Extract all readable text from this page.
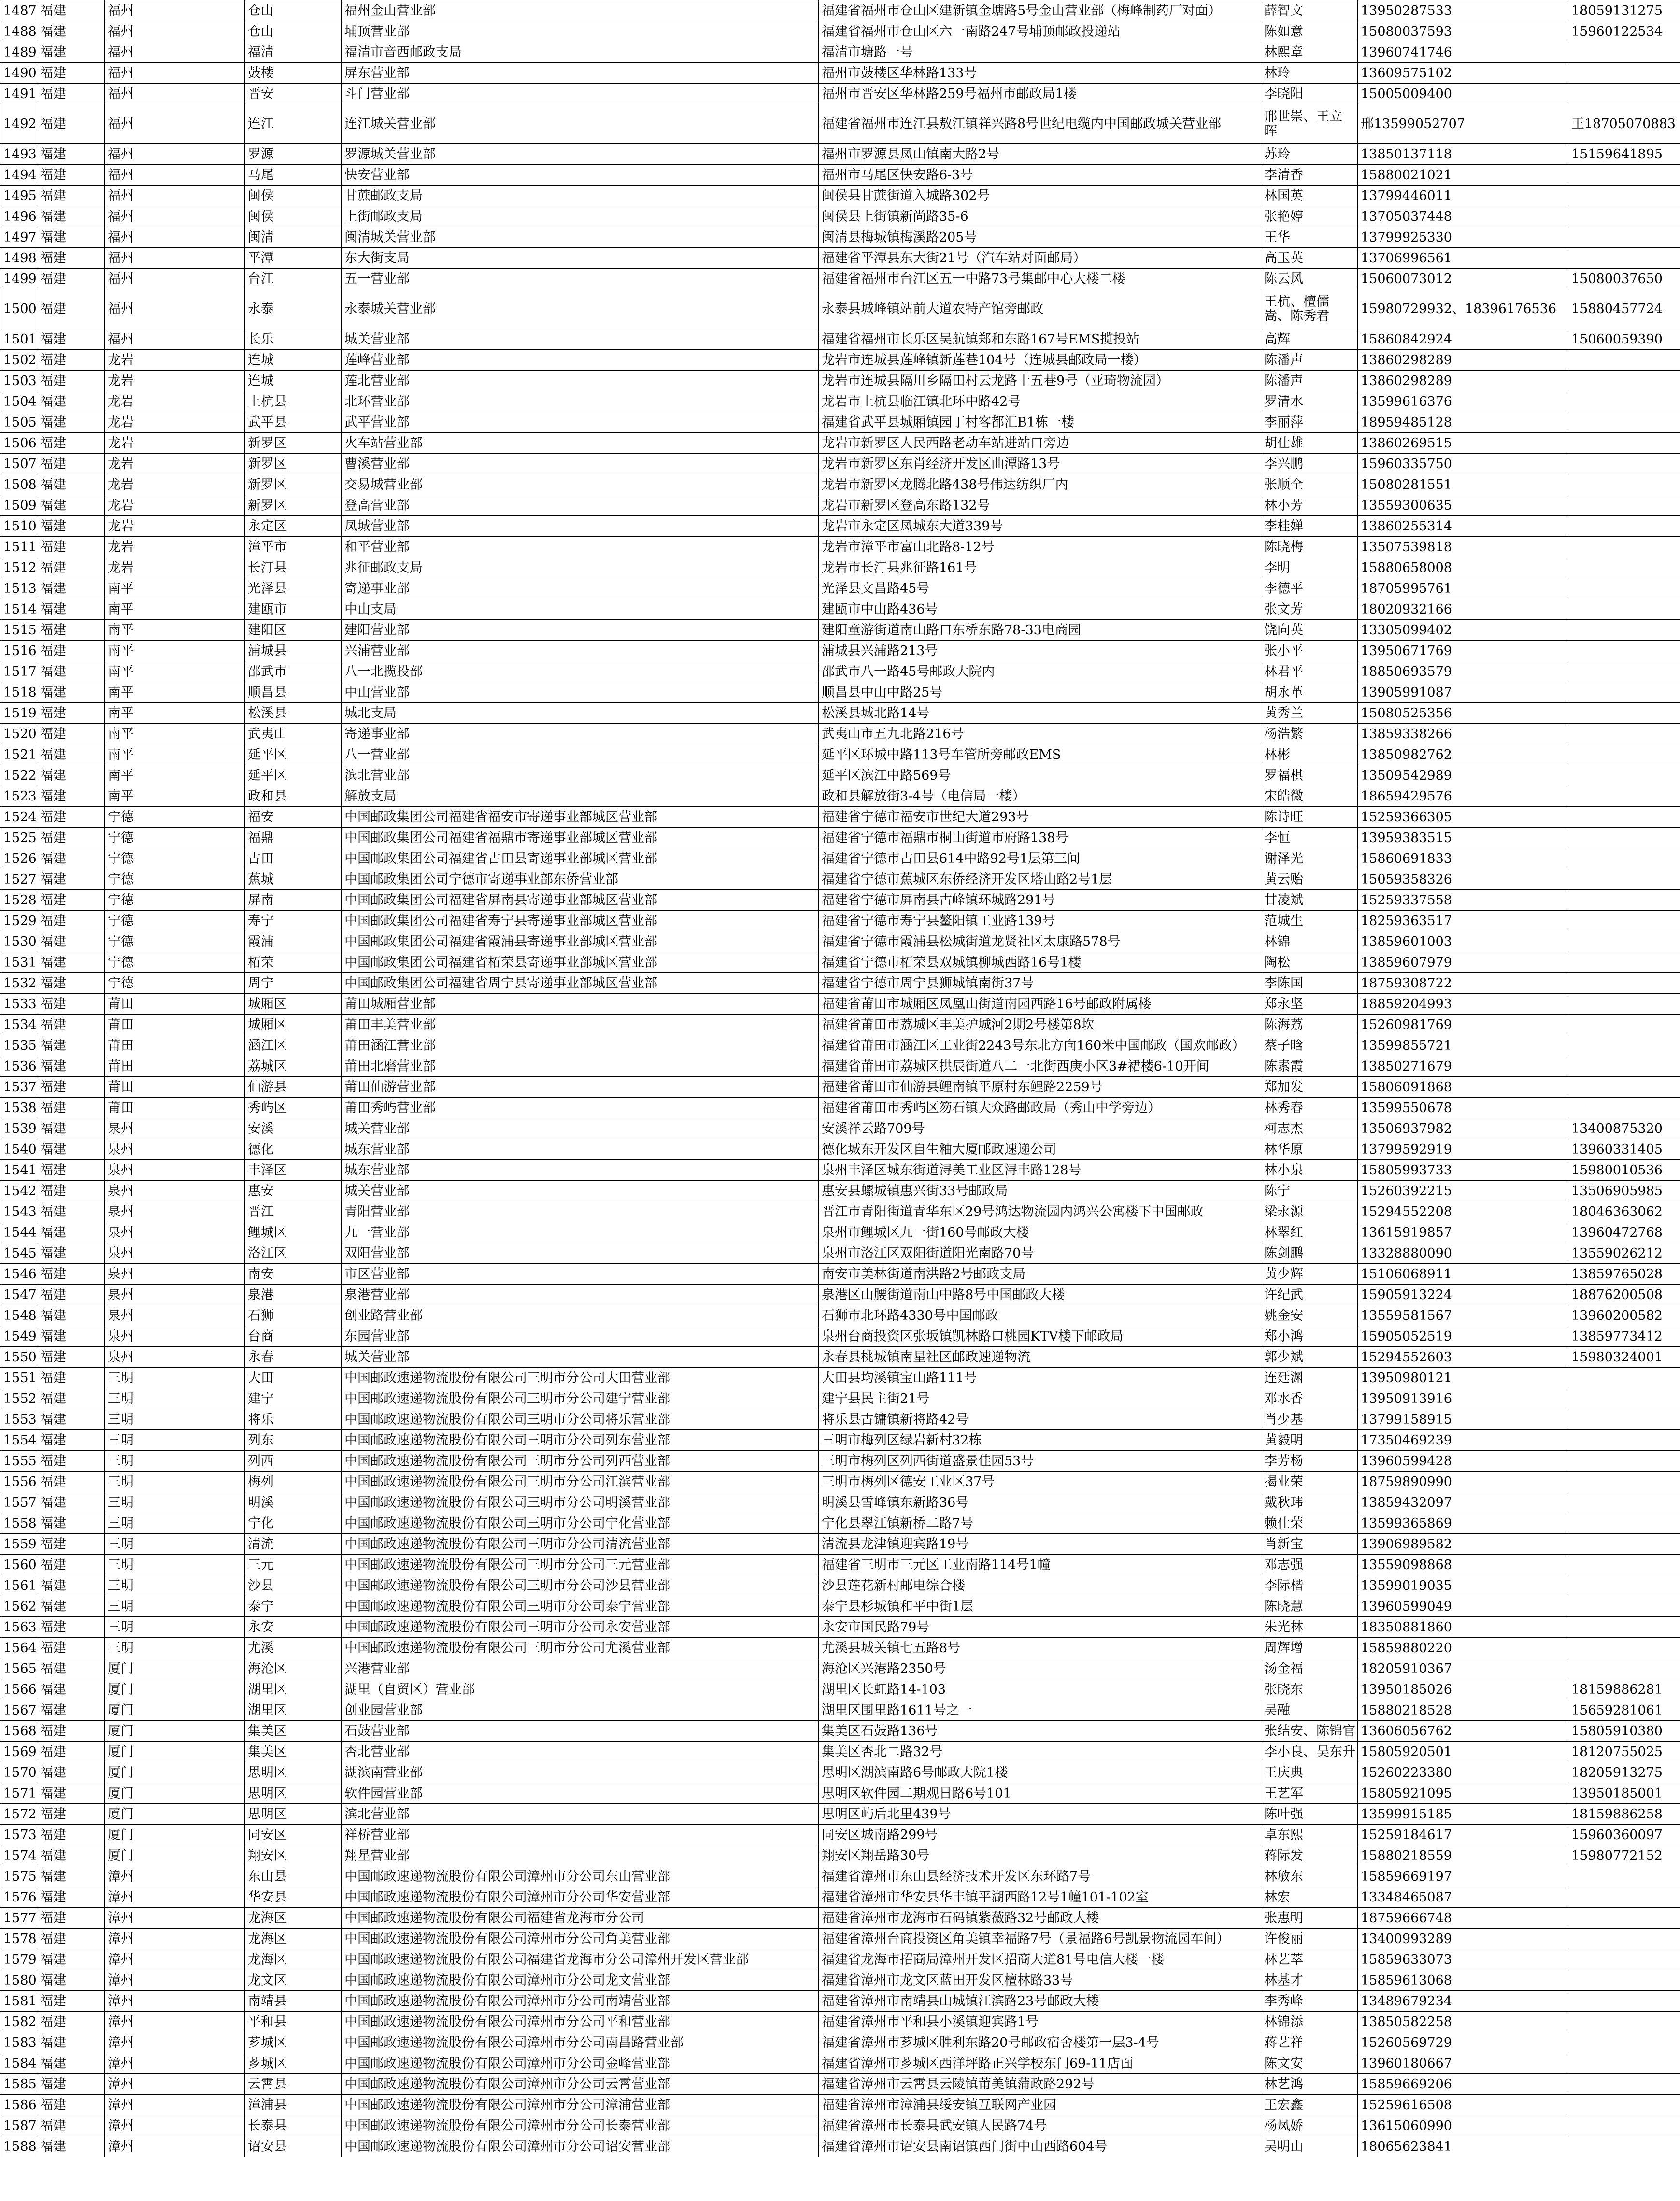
1487	福建	福州	仓山	福州金山营业部	福建省福州市仓山区建新镇金塘路5号金山营业部（梅峰制药厂对面）	薛智文	13950287533	18059131275
1488	福建	福州	仓山	埔顶营业部	福建省福州市仓山区六一南路247号埔顶邮政投递站	陈如意	15080037593	15960122534
1489	福建	福州	福清	福清市音西邮政支局	福清市塘路一号	林熙章	13960741746	
1490	福建	福州	鼓楼	屏东营业部	福州市鼓楼区华林路133号	林玲	13609575102	
1491	福建	福州	晋安	斗门营业部	福州市晋安区华林路259号福州市邮政局1楼	李晓阳	15005009400	
1492	福建	福州	连江	连江城关营业部	福建省福州市连江县敖江镇祥兴路8号世纪电缆内中国邮政城关营业部	邢世崇、王立晖	邢13599052707	王18705070883
1493	福建	福州	罗源	罗源城关营业部	福州市罗源县凤山镇南大路2号	苏玲	13850137118	15159641895
1494	福建	福州	马尾	快安营业部	福州市马尾区快安路6-3号	李清香	15880021021	
1495	福建	福州	闽侯	甘蔗邮政支局	闽侯县甘蔗街道入城路302号	林国英	13799446011	
1496	福建	福州	闽侯	上街邮政支局	闽侯县上街镇新尚路35-6	张艳婷	13705037448	
1497	福建	福州	闽清	闽清城关营业部	闽清县梅城镇梅溪路205号	王华	13799925330	
1498	福建	福州	平潭	东大街支局	福建省平潭县东大街21号（汽车站对面邮局）	高玉英	13706996561	
1499	福建	福州	台江	五一营业部	福建省福州市台江区五一中路73号集邮中心大楼二楼	陈云风	15060073012	15080037650
1500	福建	福州	永泰	永泰城关营业部	永泰县城峰镇站前大道农特产馆旁邮政	王杭、檀儒嵩、陈秀君	15980729932、18396176536	15880457724
1501	福建	福州	长乐	城关营业部	福建省福州市长乐区吴航镇郑和东路167号EMS揽投站	高辉	15860842924	15060059390
1502	福建	龙岩	连城	莲峰营业部	龙岩市连城县莲峰镇新莲巷104号（连城县邮政局一楼）	陈潘声	13860298289	
1503	福建	龙岩	连城	莲北营业部	龙岩市连城县隔川乡隔田村云龙路十五巷9号（亚琦物流园）	陈潘声	13860298289	
1504	福建	龙岩	上杭县	北环营业部	龙岩市上杭县临江镇北环中路42号	罗清水	13599616376	
1505	福建	龙岩	武平县	武平营业部	福建省武平县城厢镇园丁村客都汇B1栋一楼	李丽萍	18959485128	
1506	福建	龙岩	新罗区	火车站营业部	龙岩市新罗区人民西路老动车站进站口旁边	胡仕雄	13860269515	
1507	福建	龙岩	新罗区	曹溪营业部	龙岩市新罗区东肖经济开发区曲潭路13号	李兴鹏	15960335750	
1508	福建	龙岩	新罗区	交易城营业部	龙岩市新罗区龙腾北路438号伟达纺织厂内	张顺全	15080281551	
1509	福建	龙岩	新罗区	登高营业部	龙岩市新罗区登高东路132号	林小芳	13559300635	
1510	福建	龙岩	永定区	凤城营业部	龙岩市永定区凤城东大道339号	李桂婵	13860255314	
1511	福建	龙岩	漳平市	和平营业部	龙岩市漳平市富山北路8-12号	陈晓梅	13507539818	
1512	福建	龙岩	长汀县	兆征邮政支局	龙岩市长汀县兆征路161号	李明	15880658008	
1513	福建	南平	光泽县	寄递事业部	光泽县文昌路45号	李德平	18705995761	
1514	福建	南平	建瓯市	中山支局	建瓯市中山路436号	张文芳	18020932166	
1515	福建	南平	建阳区	建阳营业部	建阳童游街道南山路口东桥东路78-33电商园	饶向英	13305099402	
1516	福建	南平	浦城县	兴浦营业部	浦城县兴浦路213号	张小平	13950671769	
1517	福建	南平	邵武市	八一北揽投部	邵武市八一路45号邮政大院内	林君平	18850693579	
1518	福建	南平	顺昌县	中山营业部	顺昌县中山中路25号	胡永革	13905991087	
1519	福建	南平	松溪县	城北支局	松溪县城北路14号	黄秀兰	15080525356	
1520	福建	南平	武夷山	寄递事业部	武夷山市五九北路216号	杨浩繁	13859338266	
1521	福建	南平	延平区	八一营业部	延平区环城中路113号车管所旁邮政EMS	林彬	13850982762	
1522	福建	南平	延平区	滨北营业部	延平区滨江中路569号	罗福棋	13509542989	
1523	福建	南平	政和县	解放支局	政和县解放街3-4号（电信局一楼）	宋皓微	18659429576	
1524	福建	宁德	福安	中国邮政集团公司福建省福安市寄递事业部城区营业部	福建省宁德市福安市世纪大道293号	陈诗旺	15259366305	
1525	福建	宁德	福鼎	中国邮政集团公司福建省福鼎市寄递事业部城区营业部	福建省宁德市福鼎市桐山街道市府路138号	李恒	13959383515	
1526	福建	宁德	古田	中国邮政集团公司福建省古田县寄递事业部城区营业部	福建省宁德市古田县614中路92号1层第三间	谢泽光	15860691833	
1527	福建	宁德	蕉城	中国邮政集团公司宁德市寄递事业部东侨营业部	福建省宁德市蕉城区东侨经济开发区塔山路2号1层	黄云贻	15059358326	
1528	福建	宁德	屏南	中国邮政集团公司福建省屏南县寄递事业部城区营业部	福建省宁德市屏南县古峰镇环城路291号	甘凌斌	15259337558	
1529	福建	宁德	寿宁	中国邮政集团公司福建省寿宁县寄递事业部城区营业部	福建省宁德市寿宁县鳌阳镇工业路139号	范城生	18259363517	
1530	福建	宁德	霞浦	中国邮政集团公司福建省霞浦县寄递事业部城区营业部	福建省宁德市霞浦县松城街道龙贤社区太康路578号	林锦	13859601003	
1531	福建	宁德	柘荣	中国邮政集团公司福建省柘荣县寄递事业部城区营业部	福建省宁德市柘荣县双城镇柳城西路16号1楼	陶松	13859607979	
1532	福建	宁德	周宁	中国邮政集团公司福建省周宁县寄递事业部城区营业部	福建省宁德市周宁县狮城镇南街37号	李陈国	18759308722	
1533	福建	莆田	城厢区	莆田城厢营业部	福建省莆田市城厢区凤凰山街道南园西路16号邮政附属楼	郑永坚	18859204993	
1534	福建	莆田	城厢区	莆田丰美营业部	福建省莆田市荔城区丰美护城河2期2号楼第8坎	陈海荔	15260981769	
1535	福建	莆田	涵江区	莆田涵江营业部	福建省莆田市涵江区工业街2243号东北方向160米中国邮政（国欢邮政）	蔡子晗	13599855721	
1536	福建	莆田	荔城区	莆田北磨营业部	福建省莆田市荔城区拱辰街道八二一北街西庚小区3#裙楼6-10开间	陈素霞	13850271679	
1537	福建	莆田	仙游县	莆田仙游营业部	福建省莆田市仙游县鲤南镇平原村东鲤路2259号	郑加发	15806091868	
1538	福建	莆田	秀屿区	莆田秀屿营业部	福建省莆田市秀屿区笏石镇大众路邮政局（秀山中学旁边）	林秀春	13599550678	
1539	福建	泉州	安溪	城关营业部	安溪祥云路709号	柯志杰	13506937982	13400875320
1540	福建	泉州	德化	城东营业部	德化城东开发区自生釉大厦邮政速递公司	林华原	13799592919	13960331405
1541	福建	泉州	丰泽区	城东营业部	泉州丰泽区城东街道浔美工业区浔丰路128号	林小泉	15805993733	15980010536
1542	福建	泉州	惠安	城关营业部	惠安县螺城镇惠兴街33号邮政局	陈宁	15260392215	13506905985
1543	福建	泉州	晋江	青阳营业部	晋江市青阳街道青华东区29号鸿达物流园内鸿兴公寓楼下中国邮政	梁永源	15294552208	18046363062
1544	福建	泉州	鲤城区	九一营业部	泉州市鲤城区九一街160号邮政大楼	林翠红	13615919857	13960472768
1545	福建	泉州	洛江区	双阳营业部	泉州市洛江区双阳街道阳光南路70号	陈剑鹏	13328880090	13559026212
1546	福建	泉州	南安	市区营业部	南安市美林街道南洪路2号邮政支局	黄少辉	15106068911	13859765028
1547	福建	泉州	泉港	泉港营业部	泉港区山腰街道南山中路8号中国邮政大楼	许纪武	15905913224	18876200508
1548	福建	泉州	石狮	创业路营业部	石狮市北环路4330号中国邮政	姚金安	13559581567	13960200582
1549	福建	泉州	台商	东园营业部	泉州台商投资区张坂镇凯林路口桃园KTV楼下邮政局	郑小鸿	15905052519	13859773412
1550	福建	泉州	永春	城关营业部	永春县桃城镇南星社区邮政速递物流	郭少斌	15294552603	15980324001
1551	福建	三明	大田	中国邮政速递物流股份有限公司三明市分公司大田营业部	大田县均溪镇宝山路111号	连廷渊	13950980121	
1552	福建	三明	建宁	中国邮政速递物流股份有限公司三明市分公司建宁营业部	建宁县民主街21号	邓水香	13950913916	
1553	福建	三明	将乐	中国邮政速递物流股份有限公司三明市分公司将乐营业部	将乐县古镛镇新将路42号	肖少基	13799158915	
1554	福建	三明	列东	中国邮政速递物流股份有限公司三明市分公司列东营业部	三明市梅列区绿岩新村32栋	黄毅明	17350469239	
1555	福建	三明	列西	中国邮政速递物流股份有限公司三明市分公司列西营业部	三明市梅列区列西街道盛景佳园53号	李芳杨	13960599428	
1556	福建	三明	梅列	中国邮政速递物流股份有限公司三明市分公司江滨营业部	三明市梅列区德安工业区37号	揭业荣	18759890990	
1557	福建	三明	明溪	中国邮政速递物流股份有限公司三明市分公司明溪营业部	明溪县雪峰镇东新路36号	戴秋玮	13859432097	
1558	福建	三明	宁化	中国邮政速递物流股份有限公司三明市分公司宁化营业部	宁化县翠江镇新桥二路7号	赖仕荣	13599365869	
1559	福建	三明	清流	中国邮政速递物流股份有限公司三明市分公司清流营业部	清流县龙津镇迎宾路19号	肖新宝	13906989582	
1560	福建	三明	三元	中国邮政速递物流股份有限公司三明市分公司三元营业部	福建省三明市三元区工业南路114号1幢	邓志强	13559098868	
1561	福建	三明	沙县	中国邮政速递物流股份有限公司三明市分公司沙县营业部	沙县莲花新村邮电综合楼	李际楷	13599019035	
1562	福建	三明	泰宁	中国邮政速递物流股份有限公司三明市分公司泰宁营业部	泰宁县杉城镇和平中街1层	陈晓慧	13960599049	
1563	福建	三明	永安	中国邮政速递物流股份有限公司三明市分公司永安营业部	永安市国民路79号	朱光林	18350881860	
1564	福建	三明	尤溪	中国邮政速递物流股份有限公司三明市分公司尤溪营业部	尤溪县城关镇七五路8号	周辉增	15859880220	
1565	福建	厦门	海沧区	兴港营业部	海沧区兴港路2350号	汤金福	18205910367	
1566	福建	厦门	湖里区	湖里（自贸区）营业部	湖里区长虹路14-103	张晓东	13950185026	18159886281
1567	福建	厦门	湖里区	创业园营业部	湖里区围里路1611号之一	吴融	15880218528	15659281061
1568	福建	厦门	集美区	石鼓营业部	集美区石鼓路136号	张结安、陈锦官	13606056762	15805910380
1569	福建	厦门	集美区	杏北营业部	集美区杏北二路32号	李小良、吴东升	15805920501	18120755025
1570	福建	厦门	思明区	湖滨南营业部	思明区湖滨南路6号邮政大院1楼	王庆典	15260223380	18205913275
1571	福建	厦门	思明区	软件园营业部	思明区软件园二期观日路6号101	王艺军	15805921095	13950185001
1572	福建	厦门	思明区	滨北营业部	思明区屿后北里439号	陈叶强	13599915185	18159886258
1573	福建	厦门	同安区	祥桥营业部	同安区城南路299号	卓东熙	15259184617	15960360097
1574	福建	厦门	翔安区	翔星营业部	翔安区翔岳路30号	蒋际发	15880218559	15980772152
1575	福建	漳州	东山县	中国邮政速递物流股份有限公司漳州市分公司东山营业部	福建省漳州市东山县经济技术开发区东环路7号	林敏东	15859669197	
1576	福建	漳州	华安县	中国邮政速递物流股份有限公司漳州市分公司华安营业部	福建省漳州市华安县华丰镇平湖西路12号1幢101-102室	林宏	13348465087	
1577	福建	漳州	龙海区	中国邮政速递物流股份有限公司福建省龙海市分公司	福建省漳州市龙海市石码镇紫薇路32号邮政大楼	张惠明	18759666748	
1578	福建	漳州	龙海区	中国邮政速递物流股份有限公司漳州市分公司角美营业部	福建省漳州台商投资区角美镇幸福路7号（景福路6号凯景物流园车间）	许俊丽	13400993289	
1579	福建	漳州	龙海区	中国邮政速递物流股份有限公司福建省龙海市分公司漳州开发区营业部	福建省龙海市招商局漳州开发区招商大道81号电信大楼一楼	林艺萃	15859633073	
1580	福建	漳州	龙文区	中国邮政速递物流股份有限公司漳州市分公司龙文营业部	福建省漳州市龙文区蓝田开发区檀林路33号	林基才	15859613068	
1581	福建	漳州	南靖县	中国邮政速递物流股份有限公司漳州市分公司南靖营业部	福建省漳州市南靖县山城镇江滨路23号邮政大楼	李秀峰	13489679234	
1582	福建	漳州	平和县	中国邮政速递物流股份有限公司漳州市分公司平和营业部	福建省漳州市平和县小溪镇迎宾路1号	林锦添	13850582258	
1583	福建	漳州	芗城区	中国邮政速递物流股份有限公司漳州市分公司南昌路营业部	福建省漳州市芗城区胜利东路20号邮政宿舍楼第一层3-4号	蒋艺祥	15260569729	
1584	福建	漳州	芗城区	中国邮政速递物流股份有限公司漳州市分公司金峰营业部	福建省漳州市芗城区西洋坪路正兴学校东门69-11店面	陈文安	13960180667	
1585	福建	漳州	云霄县	中国邮政速递物流股份有限公司漳州市分公司云霄营业部	福建省漳州市云霄县云陵镇莆美镇蒲政路292号	林艺鸿	15859669206	
1586	福建	漳州	漳浦县	中国邮政速递物流股份有限公司漳州市分公司漳浦营业部	福建省漳州市漳浦县绥安镇互联网产业园	王宏鑫	15259616508	
1587	福建	漳州	长泰县	中国邮政速递物流股份有限公司漳州市分公司长泰营业部	福建省漳州市长泰县武安镇人民路74号	杨凤娇	13615060990	
1588	福建	漳州	诏安县	中国邮政速递物流股份有限公司漳州市分公司诏安营业部	福建省漳州市诏安县南诏镇西门街中山西路604号	吴明山	18065623841	
